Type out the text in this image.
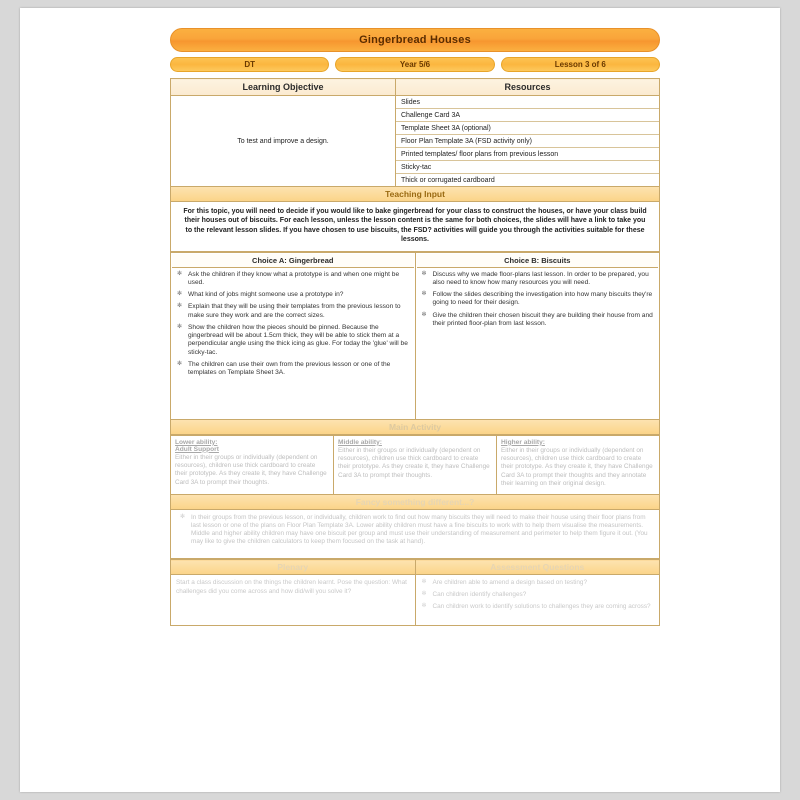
Gingerbread Houses
DT	Year 5/6	Lesson 3 of 6
Learning Objective	Resources
To test and improve a design.	
Slides
Challenge Card 3A
Template Sheet 3A (optional)
Floor Plan Template 3A (FSD activity only)
Printed templates/ floor plans from previous lesson
Sticky-tac
Thick or corrugated cardboard
Teaching Input
For this topic, you will need to decide if you would like to bake gingerbread for your class to construct the houses, or have your class build their houses out of biscuits. For each lesson, unless the lesson content is the same for both choices, the slides will have a link to take you to the relevant lesson slides. If you have chosen to use biscuits, the FSD? activities will guide you through the activities suitable for these lessons.
Choice A: Gingerbread
✻ Ask the children if they know what a prototype is and when one might be used.
✻ What kind of jobs might someone use a prototype in?
✻ Explain that they will be using their templates from the previous lesson to make sure they work and are the correct sizes.
✻ Show the children how the pieces should be pinned. Because the gingerbread will be about 1.5cm thick, they will be able to stick them at a perpendicular angle using the thick icing as glue. For today the 'glue' will be sticky-tac.
✻ The children can use their own from the previous lesson or one of the templates on Template Sheet 3A.

Choice B: Biscuits
✻ Discuss why we made floor-plans last lesson. In order to be prepared, you also need to know how many resources you will need.
✻ Follow the slides describing the investigation into how many biscuits they're going to need for their design.
✻ Give the children their chosen biscuit they are building their house from and their printed floor-plan from last lesson.
Main Activity
Lower ability:
Adult Support
Either in their groups or individually (dependent on resources), children use thick cardboard to create their prototype. As they create it, they have Challenge Card 3A to prompt their thoughts.

Middle ability:
Either in their groups or individually (dependent on resources), children use thick cardboard to create their prototype. As they create it, they have Challenge Card 3A to prompt their thoughts.

Higher ability:
Either in their groups or individually (dependent on resources), children use thick cardboard to create their prototype. As they create it, they have Challenge Card 3A to prompt their thoughts and they annotate their learning on their original design.
Fancy something different...?
✻ In their groups from the previous lesson, or individually, children work to find out how many biscuits they will need to make their house using their floor plans from last lesson or one of the plans on Floor Plan Template 3A. Lower ability children must have a fine biscuits to work with to help them visualise the measurements. Middle and higher ability children may have one biscuit per group and must use their understanding of measurement and perimeter to help them figure it out. (You may like to give the children calculators to keep them focused on the task at hand).
Plenary	Assessment Questions

Start a class discussion on the things the children learnt. Pose the question: What challenges did you come across and how did/will you solve it?

✻ Are children able to amend a design based on testing?
✻ Can children identify challenges?
✻ Can children work to identify solutions to challenges they are coming across?
